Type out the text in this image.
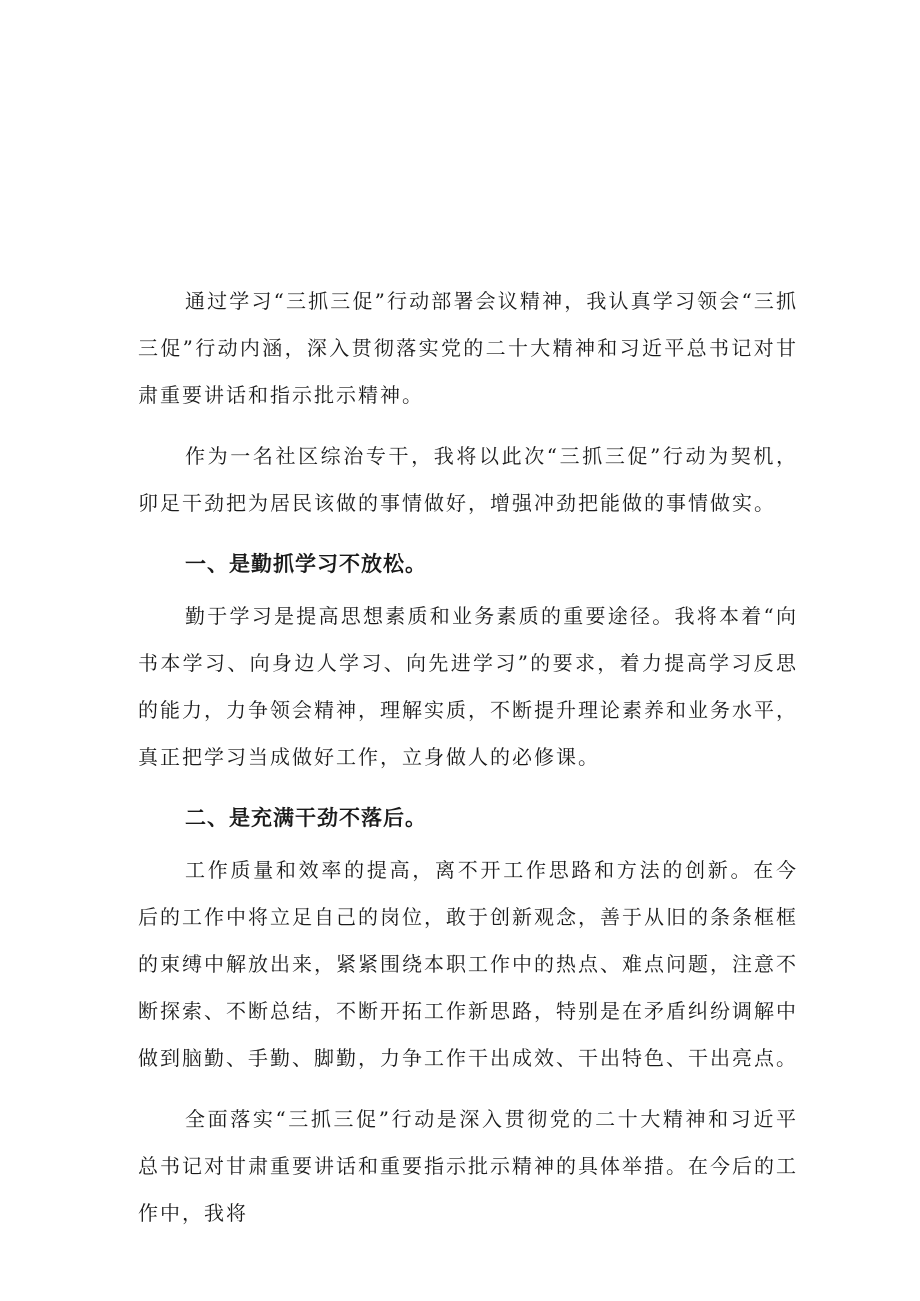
通过学习“三抓三促”行动部署会议精神，我认真学习领会“三抓三促”行动内涵，深入贯彻落实党的二十大精神和习近平总书记对甘肃重要讲话和指示批示精神。

作为一名社区综治专干，我将以此次“三抓三促”行动为契机，卯足干劲把为居民该做的事情做好，增强冲劲把能做的事情做实。

一、是勤抓学习不放松。

勤于学习是提高思想素质和业务素质的重要途径。我将本着“向书本学习、向身边人学习、向先进学习”的要求，着力提高学习反思的能力，力争领会精神，理解实质，不断提升理论素养和业务水平，真正把学习当成做好工作，立身做人的必修课。

二、是充满干劲不落后。

工作质量和效率的提高，离不开工作思路和方法的创新。在今后的工作中将立足自己的岗位，敢于创新观念，善于从旧的条条框框的束缚中解放出来，紧紧围绕本职工作中的热点、难点问题，注意不断探索、不断总结，不断开拓工作新思路，特别是在矛盾纠纷调解中做到脑勤、手勤、脚勤，力争工作干出成效、干出特色、干出亮点。

全面落实“三抓三促”行动是深入贯彻党的二十大精神和习近平总书记对甘肃重要讲话和重要指示批示精神的具体举措。在今后的工作中，我将
